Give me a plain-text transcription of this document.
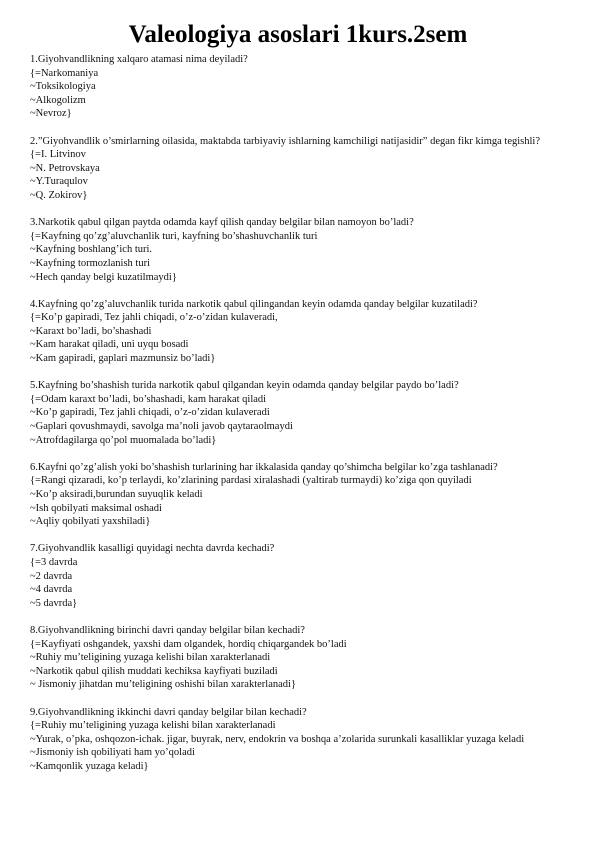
Valeologiya asoslari 1kurs.2sem
1.Giyohvandlikning xalqaro atamasi nima deyiladi?
{=Narkomaniya
~Toksikologiya
~Alkogolizm
~Nevroz}
2.”Giyohvandlik o’smirlarning oilasida, maktabda tarbiyaviy ishlarning kamchiligi natijasidir” degan fikr kimga tegishli?
{=I. Litvinov
~N. Petrovskaya
~Y.Turaqulov
~Q. Zokirov}
3.Narkotik qabul qilgan paytda odamda kayf qilish qanday belgilar bilan namoyon bo’ladi?
{=Kayfning qo’zg’aluvchanlik turi, kayfning bo’shashuvchanlik turi
~Kayfning boshlang’ich turi.
~Kayfning tormozlanish turi
~Hech qanday belgi kuzatilmaydi}
4.Kayfning qo’zg’aluvchanlik turida narkotik qabul qilingandan keyin odamda qanday belgilar kuzatiladi?
{=Ko’p gapiradi, Tez jahli chiqadi, o’z-o’zidan kulaveradi,
~Karaxt bo’ladi, bo’shashadi
~Kam harakat qiladi, uni uyqu bosadi
~Kam gapiradi, gaplari mazmunsiz bo’ladi}
5.Kayfning bo’shashish turida narkotik qabul qilgandan keyin odamda qanday belgilar paydo bo’ladi?
{=Odam karaxt bo’ladi, bo’shashadi, kam harakat qiladi
~Ko’p gapiradi, Tez jahli chiqadi, o’z-o’zidan kulaveradi
~Gaplari qovushmaydi, savolga ma’noli javob qaytaraolmaydi
~Atrofdagilarga qo’pol muomalada bo’ladi}
6.Kayfni qo’zg’alish yoki bo’shashish turlarining har ikkalasida qanday qo’shimcha belgilar ko’zga tashlanadi?
{=Rangi qizaradi, ko’p terlaydi, ko’zlarining pardasi xiralashadi (yaltirab turmaydi) ko’ziga qon quyiladi
~Ko’p aksiradi,burundan suyuqlik keladi
~Ish qobilyati maksimal oshadi
~Aqliy qobilyati yaxshiladi}
7.Giyohvandlik kasalligi quyidagi nechta davrda kechadi?
{=3 davrda
~2 davrda
~4 davrda
~5 davrda}
8.Giyohvandlikning birinchi davri qanday belgilar bilan kechadi?
{=Kayfiyati oshgandek, yaxshi dam olgandek, hordiq chiqargandek bo’ladi
~Ruhiy mu’teligining yuzaga kelishi bilan xarakterlanadi
~Narkotik qabul qilish muddati kechiksa kayfiyati buziladi
~ Jismoniy jihatdan mu’teligining oshishi bilan xarakterlanadi}
9.Giyohvandlikning ikkinchi davri qanday belgilar bilan kechadi?
{=Ruhiy mu’teligining yuzaga kelishi bilan xarakterlanadi
~Yurak, o’pka, oshqozon-ichak. jigar, buyrak, nerv, endokrin va boshqa a’zolarida surunkali kasalliklar yuzaga keladi
~Jismoniy ish qobiliyati ham yo’qoladi
~Kamqonlik yuzaga keladi}
